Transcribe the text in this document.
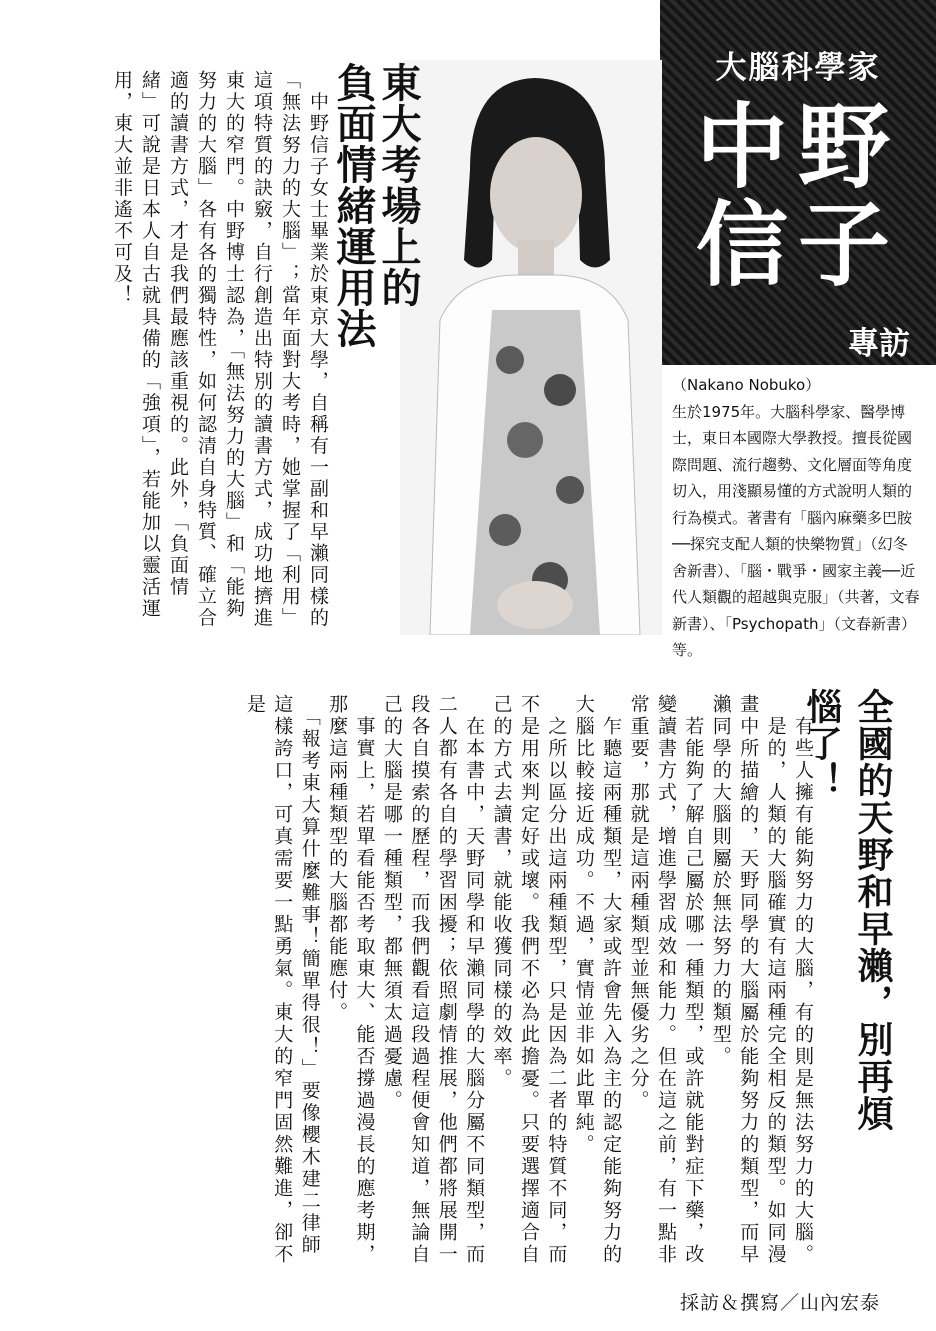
大腦科學家
中野
信子
專訪
東大考場上的
負面情緒運用法
　中野信子女士畢業於東京大學，自稱有一副和早瀨同樣的「無法努力的大腦」；當年面對大考時，她掌握了「利用」這項特質的訣竅，自行創造出特別的讀書方式，成功地擠進東大的窄門。中野博士認為，「無法努力的大腦」和「能夠努力的大腦」各有各的獨特性，如何認清自身特質、確立合適的讀書方式，才是我們最應該重視的。此外，「負面情緒」可說是日本人自古就具備的「強項」，若能加以靈活運用，東大並非遙不可及！
（Nakano Nobuko）
生於1975年。大腦科學家、醫學博士，東日本國際大學教授。擅長從國際問題、流行趨勢、文化層面等角度切入，用淺顯易懂的方式說明人類的行為模式。著書有「腦內麻藥多巴胺──探究支配人類的快樂物質」（幻冬舍新書）、「腦・戰爭・國家主義──近代人類觀的超越與克服」（共著，文春新書）、「Psychopath」（文春新書）等。
全國的天野和早瀨，別再煩惱了！
　有些人擁有能夠努力的大腦，有的則是無法努力的大腦。
　是的，人類的大腦確實有這兩種完全相反的類型。如同漫畫中所描繪的，天野同學的大腦屬於能夠努力的類型，而早瀨同學的大腦則屬於無法努力的類型。
　若能夠了解自己屬於哪一種類型，或許就能對症下藥，改變讀書方式，增進學習成效和能力。但在這之前，有一點非常重要，那就是這兩種類型並無優劣之分。
　乍聽這兩種類型，大家或許會先入為主的認定能夠努力的大腦比較接近成功。不過，實情並非如此單純。
　之所以區分出這兩種類型，只是因為二者的特質不同，而不是用來判定好或壞。我們不必為此擔憂。只要選擇適合自己的方式去讀書，就能收獲同樣的效率。
　在本書中，天野同學和早瀨同學的大腦分屬不同類型，而二人都有各自的學習困擾；依照劇情推展，他們都將展開一段各自摸索的歷程，而我們觀看這段過程便會知道，無論自己的大腦是哪一種類型，都無須太過憂慮。
　事實上，若單看能否考取東大、能否撐過漫長的應考期，那麼這兩種類型的大腦都能應付。
　「報考東大算什麼難事！簡單得很！」要像櫻木建二律師這樣誇口，可真需要一點勇氣。東大的窄門固然難進，卻不是
採訪＆撰寫／山內宏泰
